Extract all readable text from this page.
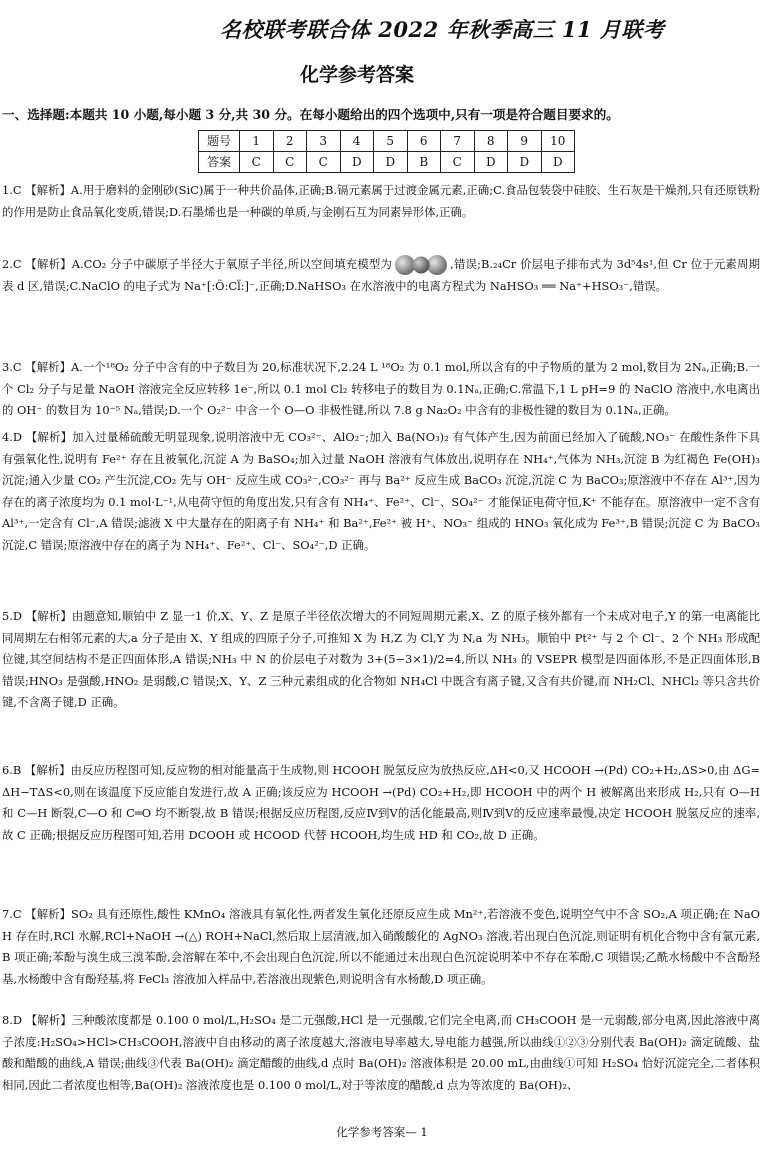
名校联考联合体 2022 年秋季高三 11 月联考
化学参考答案
一、选择题:本题共 10 小题,每小题 3 分,共 30 分。在每小题给出的四个选项中,只有一项是符合题目要求的。
题号	1	2	3	4	5	6	7	8	9	10
答案	C	C	C	D	D	B	C	D	D	D
1.C 【解析】A.用于磨料的金刚砂(SiC)属于一种共价晶体,正确;B.镉元素属于过渡金属元素,正确;C.食品包装袋中硅胶、生石灰是干燥剂,只有还原铁粉的作用是防止食品氧化变质,错误;D.石墨烯也是一种碳的单质,与金刚石互为同素异形体,正确。
2.C 【解析】A.CO₂ 分子中碳原子半径大于氧原子半径,所以空间填充模型为	,错误;B.₂₄Cr 价层电子排布式为 3d⁵4s¹,但 Cr 位于元素周期表 d 区,错误;C.NaClO 的电子式为 Na⁺[:Ö:Cl̈:]⁻,正确;D.NaHSO₃ 在水溶液中的电离方程式为 NaHSO₃ ══ Na⁺+HSO₃⁻,错误。
3.C 【解析】A.一个¹⁸O₂ 分子中含有的中子数目为 20,标准状况下,2.24 L ¹⁸O₂ 为 0.1 mol,所以含有的中子物质的量为 2 mol,数目为 2Nₐ,正确;B.一个 Cl₂ 分子与足量 NaOH 溶液完全反应转移 1e⁻,所以 0.1 mol Cl₂ 转移电子的数目为 0.1Nₐ,正确;C.常温下,1 L pH=9 的 NaClO 溶液中,水电离出的 OH⁻ 的数目为 10⁻⁵ Nₐ,错误;D.一个 O₂²⁻ 中含一个 O—O 非极性键,所以 7.8 g Na₂O₂ 中含有的非极性键的数目为 0.1Nₐ,正确。
4.D 【解析】加入过量稀硫酸无明显现象,说明溶液中无 CO₃²⁻、AlO₂⁻;加入 Ba(NO₃)₂ 有气体产生,因为前面已经加入了硫酸,NO₃⁻ 在酸性条件下具有强氧化性,说明有 Fe²⁺ 存在且被氧化,沉淀 A 为 BaSO₄;加入过量 NaOH 溶液有气体放出,说明存在 NH₄⁺,气体为 NH₃,沉淀 B 为红褐色 Fe(OH)₃ 沉淀;通入少量 CO₂ 产生沉淀,CO₂ 先与 OH⁻ 反应生成 CO₃²⁻,CO₃²⁻ 再与 Ba²⁺ 反应生成 BaCO₃ 沉淀,沉淀 C 为 BaCO₃;原溶液中不存在 Al³⁺,因为存在的离子浓度均为 0.1 mol·L⁻¹,从电荷守恒的角度出发,只有含有 NH₄⁺、Fe²⁺、Cl⁻、SO₄²⁻ 才能保证电荷守恒,K⁺ 不能存在。原溶液中一定不含有 Al³⁺,一定含有 Cl⁻,A 错误;滤液 X 中大量存在的阳离子有 NH₄⁺ 和 Ba²⁺,Fe²⁺ 被 H⁺、NO₃⁻ 组成的 HNO₃ 氧化成为 Fe³⁺,B 错误;沉淀 C 为 BaCO₃ 沉淀,C 错误;原溶液中存在的离子为 NH₄⁺、Fe²⁺、Cl⁻、SO₄²⁻,D 正确。
5.D 【解析】由题意知,顺铂中 Z 显一1 价,X、Y、Z 是原子半径依次增大的不同短周期元素,X、Z 的原子核外都有一个未成对电子,Y 的第一电离能比同周期左右相邻元素的大,a 分子是由 X、Y 组成的四原子分子,可推知 X 为 H,Z 为 Cl,Y 为 N,a 为 NH₃。顺铂中 Pt²⁺ 与 2 个 Cl⁻、2 个 NH₃ 形成配位键,其空间结构不是正四面体形,A 错误;NH₃ 中 N 的价层电子对数为 3+(5−3×1)/2=4,所以 NH₃ 的 VSEPR 模型是四面体形,不是正四面体形,B 错误;HNO₃ 是强酸,HNO₂ 是弱酸,C 错误;X、Y、Z 三种元素组成的化合物如 NH₄Cl 中既含有离子键,又含有共价键,而 NH₂Cl、NHCl₂ 等只含共价键,不含离子键,D 正确。
6.B 【解析】由反应历程图可知,反应物的相对能量高于生成物,则 HCOOH 脱氢反应为放热反应,ΔH<0,又 HCOOH →(Pd) CO₂+H₂,ΔS>0,由 ΔG=ΔH−TΔS<0,则在该温度下反应能自发进行,故 A 正确;该反应为 HCOOH →(Pd) CO₂+H₂,即 HCOOH 中的两个 H 被解离出来形成 H₂,只有 O—H 和 C—H 断裂,C—O 和 C═O 均不断裂,故 B 错误;根据反应历程图,反应Ⅳ到Ⅴ的活化能最高,则Ⅳ到Ⅴ的反应速率最慢,决定 HCOOH 脱氢反应的速率,故 C 正确;根据反应历程图可知,若用 DCOOH 或 HCOOD 代替 HCOOH,均生成 HD 和 CO₂,故 D 正确。
7.C 【解析】SO₂ 具有还原性,酸性 KMnO₄ 溶液具有氧化性,两者发生氧化还原反应生成 Mn²⁺,若溶液不变色,说明空气中不含 SO₂,A 项正确;在 NaOH 存在时,RCl 水解,RCl+NaOH →(△) ROH+NaCl,然后取上层清液,加入硝酸酸化的 AgNO₃ 溶液,若出现白色沉淀,则证明有机化合物中含有氯元素,B 项正确;苯酚与溴生成三溴苯酚,会溶解在苯中,不会出现白色沉淀,所以不能通过未出现白色沉淀说明苯中不存在苯酚,C 项错误;乙酰水杨酸中不含酚羟基,水杨酸中含有酚羟基,将 FeCl₃ 溶液加入样品中,若溶液出现紫色,则说明含有水杨酸,D 项正确。
8.D 【解析】三种酸浓度都是 0.100 0 mol/L,H₂SO₄ 是二元强酸,HCl 是一元强酸,它们完全电离,而 CH₃COOH 是一元弱酸,部分电离,因此溶液中离子浓度:H₂SO₄>HCl>CH₃COOH,溶液中自由移动的离子浓度越大,溶液电导率越大,导电能力越强,所以曲线①②③分别代表 Ba(OH)₂ 滴定硫酸、盐酸和醋酸的曲线,A 错误;曲线③代表 Ba(OH)₂ 滴定醋酸的曲线,d 点时 Ba(OH)₂ 溶液体积是 20.00 mL,由曲线①可知 H₂SO₄ 恰好沉淀完全,二者体积相同,因此二者浓度也相等,Ba(OH)₂ 溶液浓度也是 0.100 0 mol/L,对于等浓度的醋酸,d 点为等浓度的 Ba(OH)₂、
化学参考答案— 1
